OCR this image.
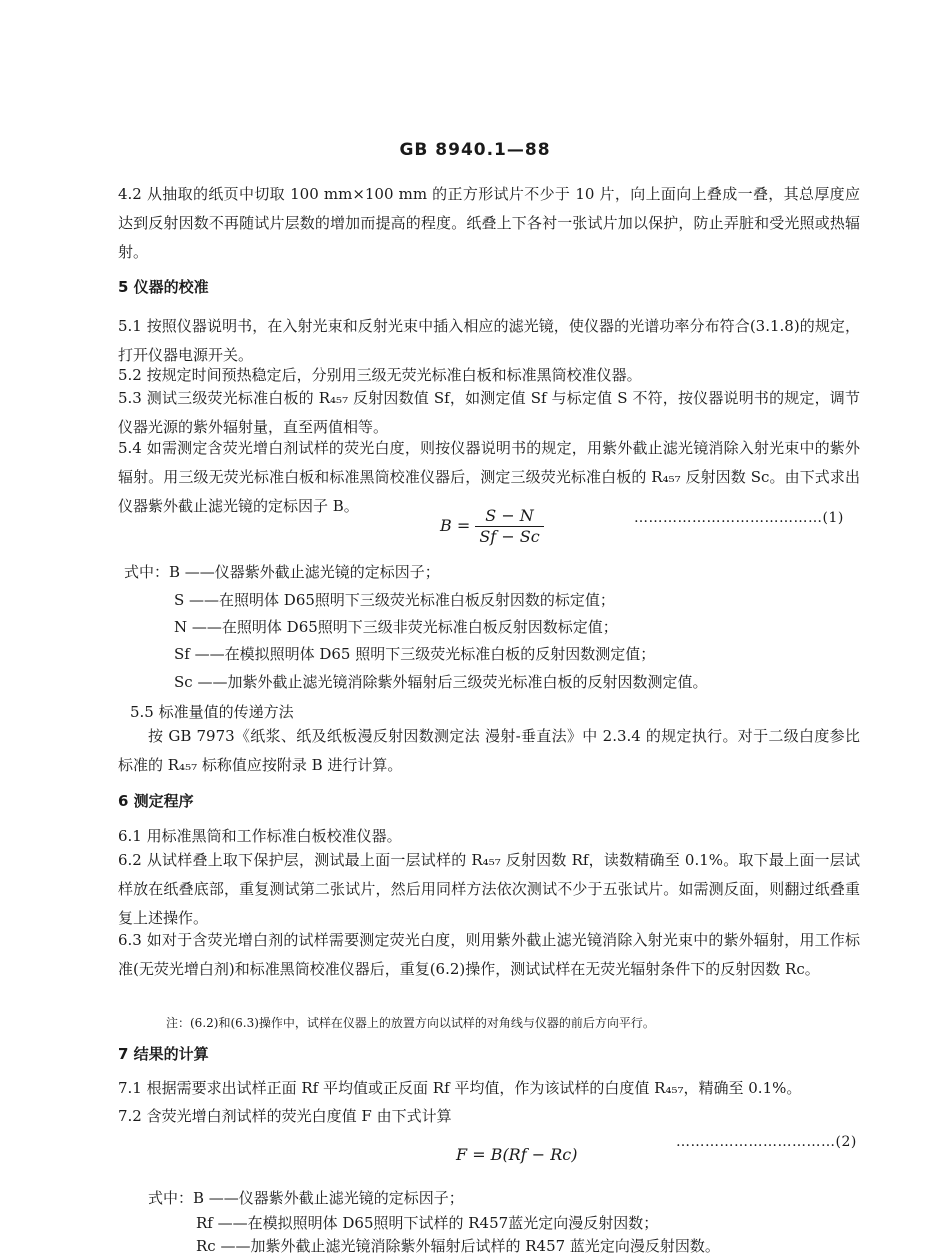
GB 8940.1—88
4.2 从抽取的纸页中切取 100 mm×100 mm 的正方形试片不少于 10 片，向上面向上叠成一叠，其总厚度应达到反射因数不再随试片层数的增加而提高的程度。纸叠上下各衬一张试片加以保护，防止弄脏和受光照或热辐射。
5 仪器的校准
5.1 按照仪器说明书，在入射光束和反射光束中插入相应的滤光镜，使仪器的光谱功率分布符合(3.1.8)的规定，打开仪器电源开关。
5.2 按规定时间预热稳定后，分别用三级无荧光标准白板和标准黑筒校准仪器。
5.3 测试三级荧光标准白板的 R₄₅₇ 反射因数值 Sf，如测定值 Sf 与标定值 S 不符，按仪器说明书的规定，调节仪器光源的紫外辐射量，直至两值相等。
5.4 如需测定含荧光增白剂试样的荧光白度，则按仪器说明书的规定，用紫外截止滤光镜消除入射光束中的紫外辐射。用三级无荧光标准白板和标准黑筒校准仪器后，测定三级荧光标准白板的 R₄₅₇ 反射因数 Sc。由下式求出仪器紫外截止滤光镜的定标因子 B。
$B = \frac{S - N}{Sf - Sc}$	…………………………………(1)
式中：B ——仪器紫外截止滤光镜的定标因子；
S ——在照明体 D65照明下三级荧光标准白板反射因数的标定值；
N ——在照明体 D65照明下三级非荧光标准白板反射因数标定值；
Sf ——在模拟照明体 D65 照明下三级荧光标准白板的反射因数测定值；
Sc ——加紫外截止滤光镜消除紫外辐射后三级荧光标准白板的反射因数测定值。
5.5 标准量值的传递方法
按 GB 7973《纸浆、纸及纸板漫反射因数测定法 漫射-垂直法》中 2.3.4 的规定执行。对于二级白度参比标准的 R₄₅₇ 标称值应按附录 B 进行计算。
6 测定程序
6.1 用标准黑筒和工作标准白板校准仪器。
6.2 从试样叠上取下保护层，测试最上面一层试样的 R₄₅₇ 反射因数 Rf，读数精确至 0.1%。取下最上面一层试样放在纸叠底部，重复测试第二张试片，然后用同样方法依次测试不少于五张试片。如需测反面，则翻过纸叠重复上述操作。
6.3 如对于含荧光增白剂的试样需要测定荧光白度，则用紫外截止滤光镜消除入射光束中的紫外辐射，用工作标准(无荧光增白剂)和标准黑筒校准仪器后，重复(6.2)操作，测试试样在无荧光辐射条件下的反射因数 Rc。
注：(6.2)和(6.3)操作中，试样在仪器上的放置方向以试样的对角线与仪器的前后方向平行。
7 结果的计算
7.1 根据需要求出试样正面 Rf 平均值或正反面 Rf 平均值，作为该试样的白度值 R₄₅₇，精确至 0.1%。
7.2 含荧光增白剂试样的荧光白度值 F 由下式计算
F = B(Rf − Rc)
……………………………(2)
式中：B ——仪器紫外截止滤光镜的定标因子；
Rf ——在模拟照明体 D65照明下试样的 R457蓝光定向漫反射因数；
Rc ——加紫外截止滤光镜消除紫外辐射后试样的 R457 蓝光定向漫反射因数。
